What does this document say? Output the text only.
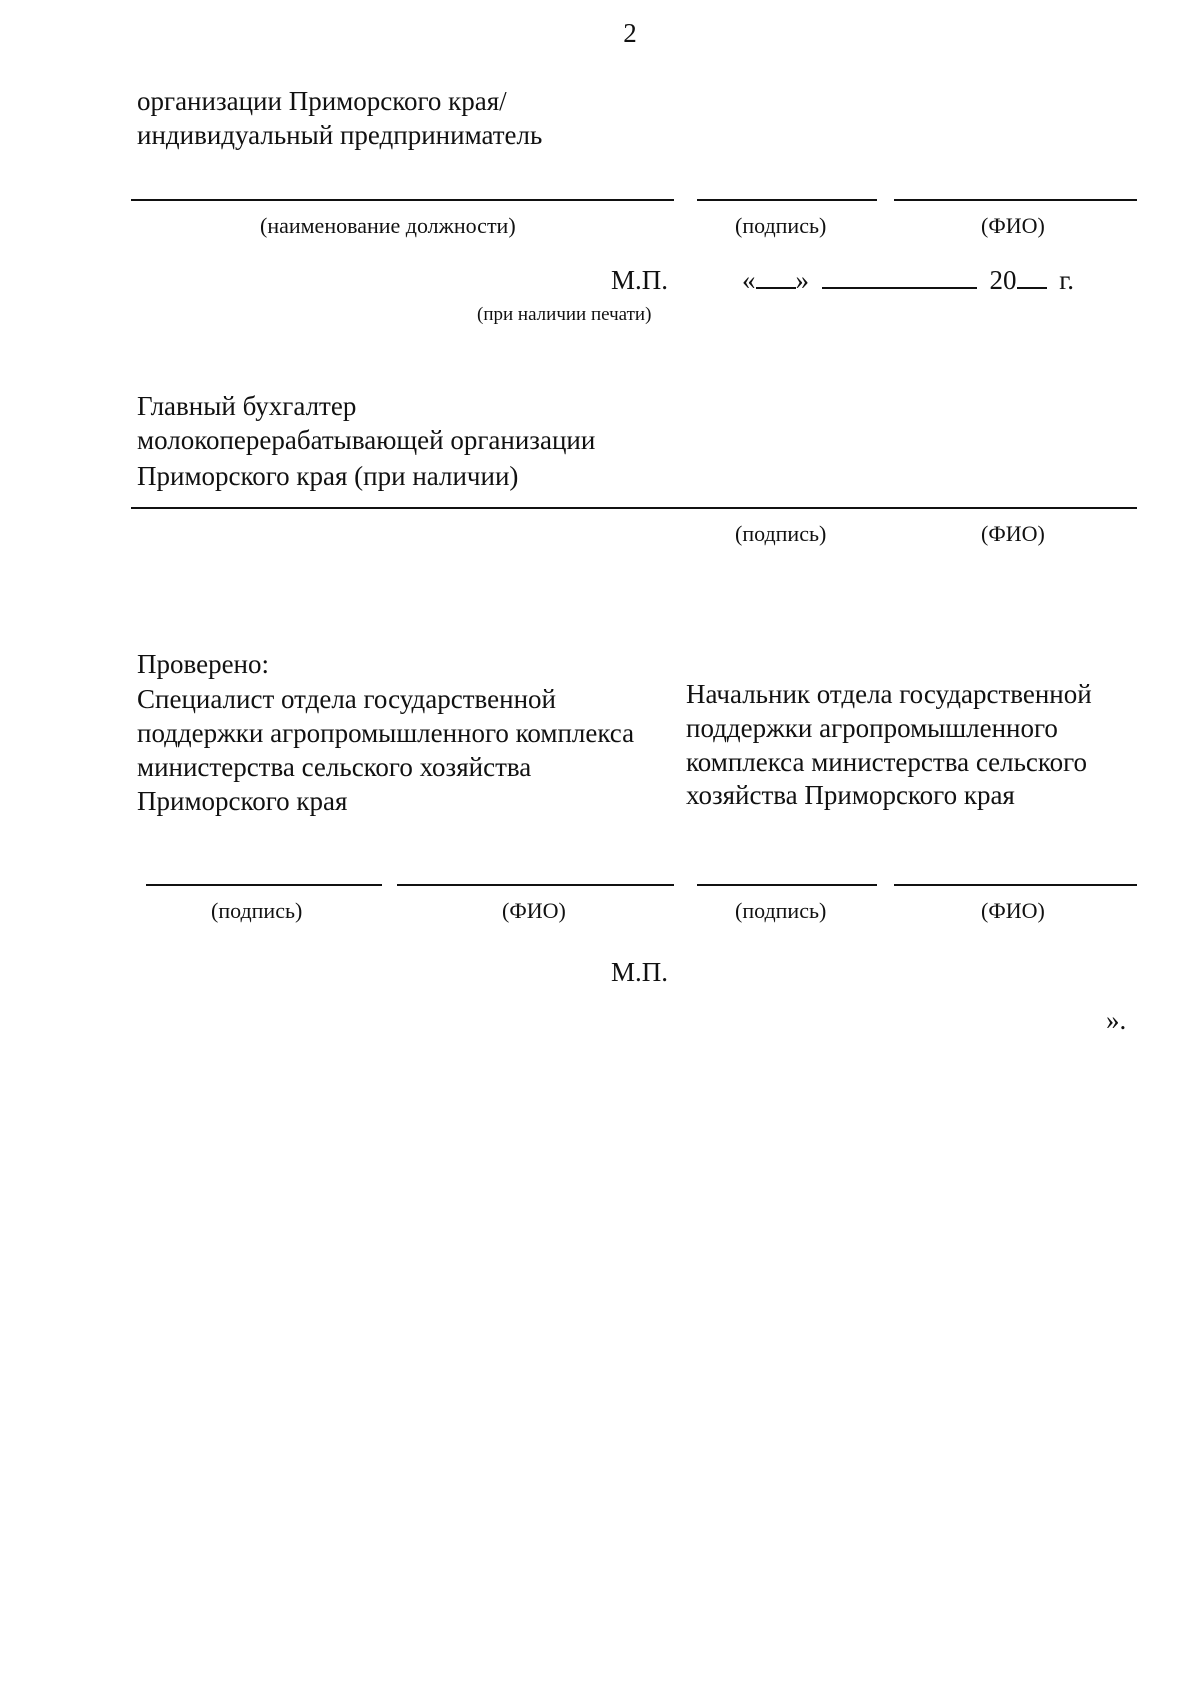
2
организации Приморского края/
индивидуальный предприниматель
(наименование должности)	(подпись)	(ФИО)
М.П.
(при наличии печати)
« »	20 г.
Главный бухгалтер
молокоперерабатывающей организации
Приморского края (при наличии)
(подпись)	(ФИО)
Проверено:
Специалист отдела государственной
поддержки агропромышленного комплекса
министерства сельского хозяйства
Приморского края
Начальник отдела государственной
поддержки агропромышленного
комплекса министерства сельского
хозяйства Приморского края
(подпись)	(ФИО)	(подпись)	(ФИО)
М.П.
».
